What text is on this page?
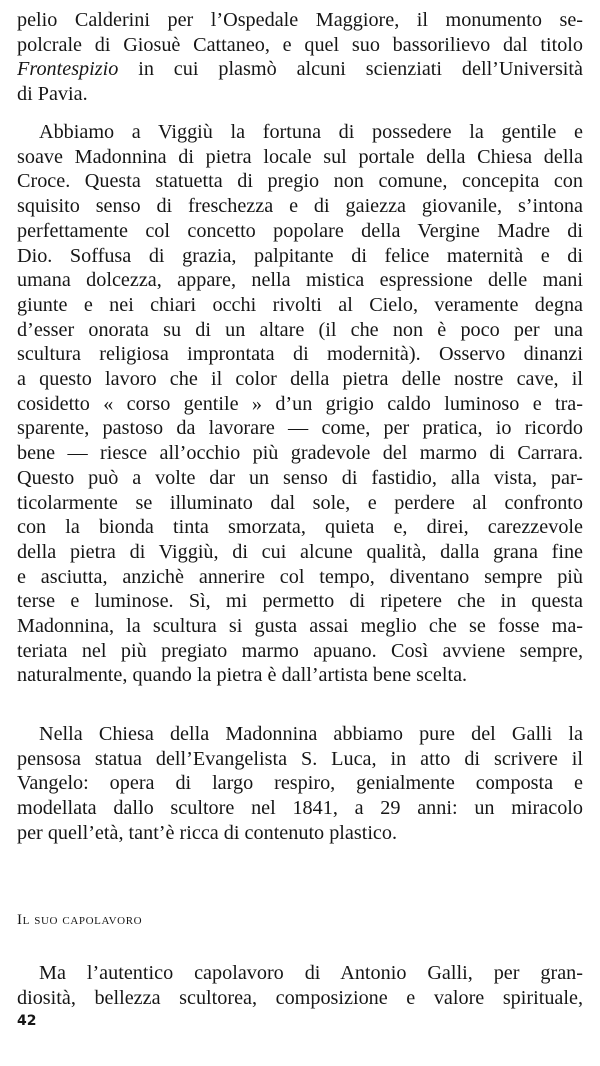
pelio Calderini per l’Ospedale Maggiore, il monumento se-
polcrale di Giosuè Cattaneo, e quel suo bassorilievo dal titolo
Frontespizio in cui plasmò alcuni scienziati dell’Università
di Pavia.

Abbiamo a Viggiù la fortuna di possedere la gentile e
soave Madonnina di pietra locale sul portale della Chiesa della
Croce. Questa statuetta di pregio non comune, concepita con
squisito senso di freschezza e di gaiezza giovanile, s’intona
perfettamente col concetto popolare della Vergine Madre di
Dio. Soffusa di grazia, palpitante di felice maternità e di
umana dolcezza, appare, nella mistica espressione delle mani
giunte e nei chiari occhi rivolti al Cielo, veramente degna
d’esser onorata su di un altare (il che non è poco per una
scultura religiosa improntata di modernità). Osservo dinanzi
a questo lavoro che il color della pietra delle nostre cave, il
cosidetto « corso gentile » d’un grigio caldo luminoso e tra-
sparente, pastoso da lavorare — come, per pratica, io ricordo
bene — riesce all’occhio più gradevole del marmo di Carrara.
Questo può a volte dar un senso di fastidio, alla vista, par-
ticolarmente se illuminato dal sole, e perdere al confronto
con la bionda tinta smorzata, quieta e, direi, carezzevole
della pietra di Viggiù, di cui alcune qualità, dalla grana fine
e asciutta, anzichè annerire col tempo, diventano sempre più
terse e luminose. Sì, mi permetto di ripetere che in questa
Madonnina, la scultura si gusta assai meglio che se fosse ma-
teriata nel più pregiato marmo apuano. Così avviene sempre,
naturalmente, quando la pietra è dall’artista bene scelta.

Nella Chiesa della Madonnina abbiamo pure del Galli la
pensosa statua dell’Evangelista S. Luca, in atto di scrivere il
Vangelo: opera di largo respiro, genialmente composta e
modellata dallo scultore nel 1841, a 29 anni: un miracolo
per quell’età, tant’è ricca di contenuto plastico.

Il suo capolavoro

Ma l’autentico capolavoro di Antonio Galli, per gran-
diosità, bellezza scultorea, composizione e valore spirituale,

42
